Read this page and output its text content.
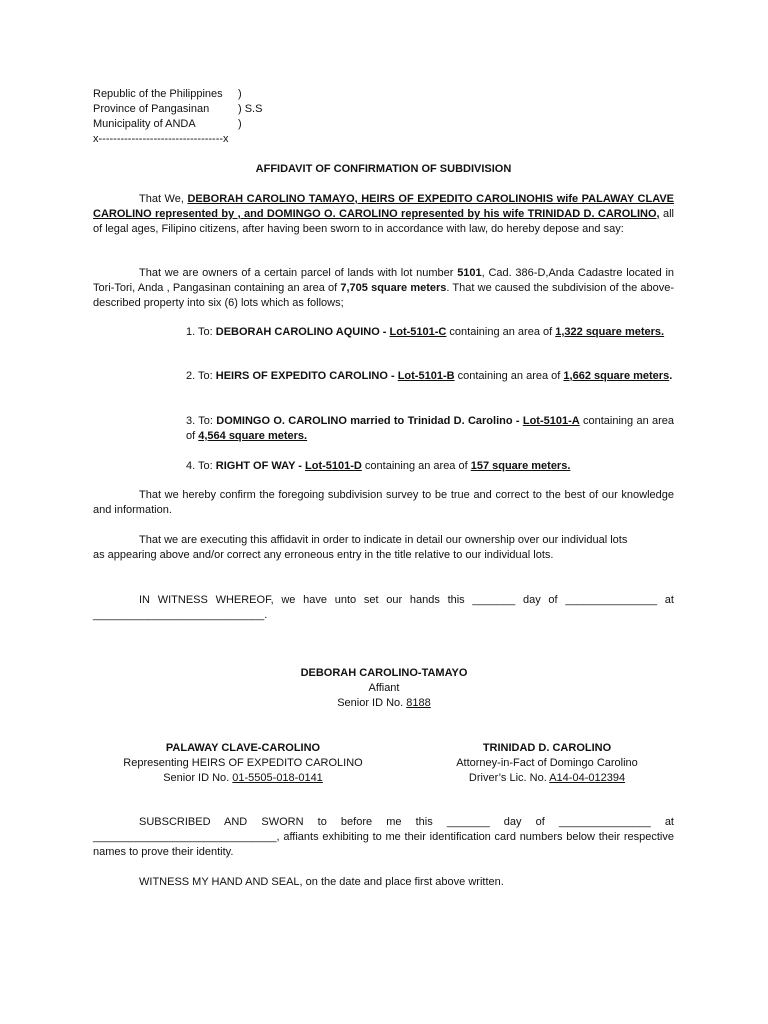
Republic of the Philippines )
Province of Pangasinan	) S.S
Municipality of ANDA	)
x----------------------------------x
AFFIDAVIT OF CONFIRMATION OF SUBDIVISION
That We, DEBORAH CAROLINO TAMAYO, HEIRS OF EXPEDITO CAROLINOHIS wife PALAWAY CLAVE CAROLINO represented by , and DOMINGO O. CAROLINO represented by his wife TRINIDAD D. CAROLINO, all of legal ages, Filipino citizens, after having been sworn to in accordance with law, do hereby depose and say:
That we are owners of a certain parcel of lands with lot number 5101, Cad. 386-D,Anda Cadastre located in Tori-Tori, Anda , Pangasinan containing an area of 7,705 square meters. That we caused the subdivision of the above-described property into six (6) lots which as follows;
1. To: DEBORAH CAROLINO AQUINO - Lot-5101-C containing an area of 1,322 square meters.
2. To: HEIRS OF EXPEDITO CAROLINO - Lot-5101-B containing an area of 1,662 square meters.
3. To: DOMINGO O. CAROLINO married to Trinidad D. Carolino - Lot-5101-A containing an area of 4,564 square meters.
4. To: RIGHT OF WAY - Lot-5101-D containing an area of 157 square meters.
That we hereby confirm the foregoing subdivision survey to be true and correct to the best of our knowledge and information.
That we are executing this affidavit in order to indicate in detail our ownership over our individual lots
as appearing above and/or correct any erroneous entry in the title relative to our individual lots.
IN WITNESS WHEREOF, we have unto set our hands this _______ day of _______________ at ____________________________.
DEBORAH CAROLINO-TAMAYO
Affiant
Senior ID No. 8188
PALAWAY CLAVE-CAROLINO
Representing HEIRS OF EXPEDITO CAROLINO
Senior ID No. 01-5505-018-0141
TRINIDAD D. CAROLINO
Attorney-in-Fact of Domingo Carolino
Driver’s Lic. No. A14-04-012394
SUBSCRIBED AND SWORN to before me this _______ day of _______________ at ______________________________, affiants exhibiting to me their identification card numbers below their respective names to prove their identity.
WITNESS MY HAND AND SEAL, on the date and place first above written.
